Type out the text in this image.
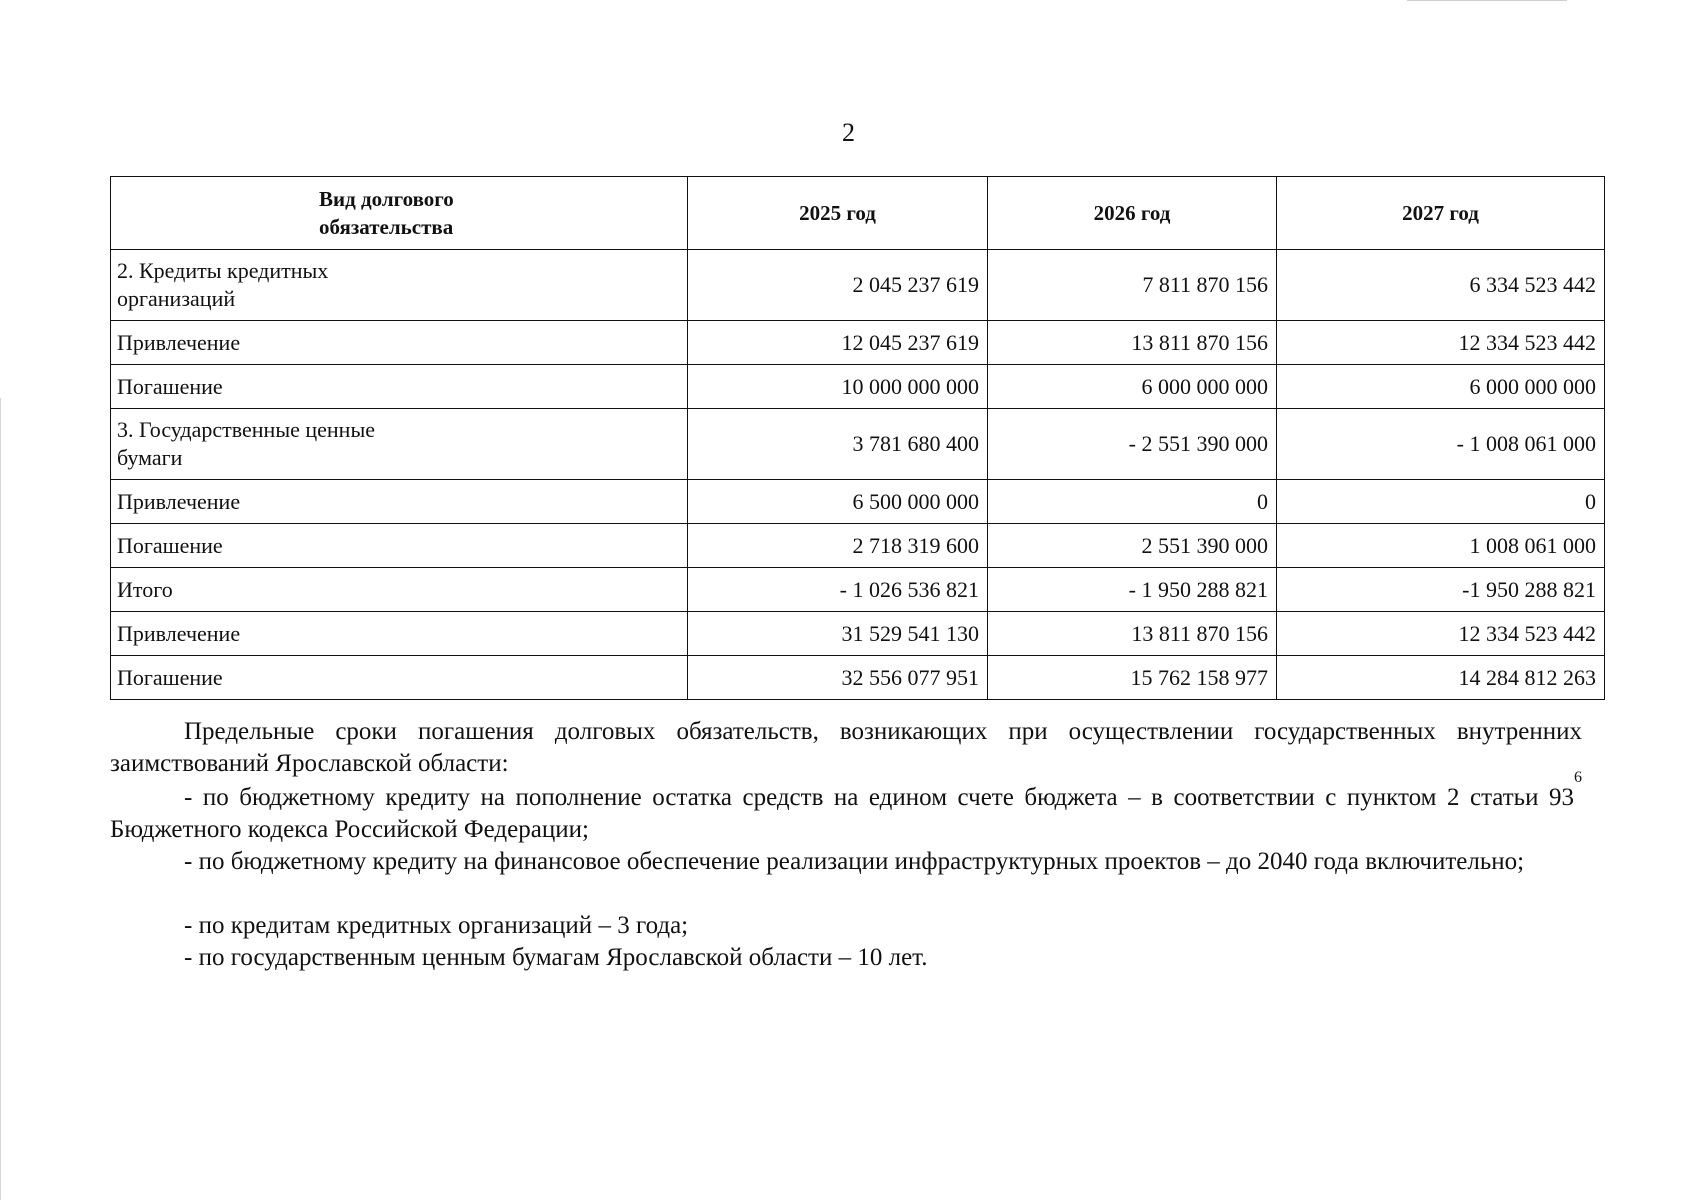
2
Вид долгового
обязательства	2025 год	2026 год	2027 год
2. Кредиты кредитных
организаций	2 045 237 619	7 811 870 156	6 334 523 442
Привлечение	12 045 237 619	13 811 870 156	12 334 523 442
Погашение	10 000 000 000	6 000 000 000	6 000 000 000
3. Государственные ценные
бумаги	3 781 680 400	- 2 551 390 000	- 1 008 061 000
Привлечение	6 500 000 000	0	0
Погашение	2 718 319 600	2 551 390 000	1 008 061 000
Итого	- 1 026 536 821	- 1 950 288 821	-1 950 288 821
Привлечение	31 529 541 130	13 811 870 156	12 334 523 442
Погашение	32 556 077 951	15 762 158 977	14 284 812 263

Предельные сроки погашения долговых обязательств, возникающих при осуществлении государственных внутренних заимствований Ярославской области:

- по бюджетному кредиту на пополнение остатка средств на едином счете бюджета – в соответствии с пунктом 2 статьи $93^6$ Бюджетного кодекса Российской Федерации;

- по бюджетному кредиту на финансовое обеспечение реализации инфраструктурных проектов – до 2040 года включительно;

- по кредитам кредитных организаций – 3 года;

- по государственным ценным бумагам Ярославской области – 10 лет.
